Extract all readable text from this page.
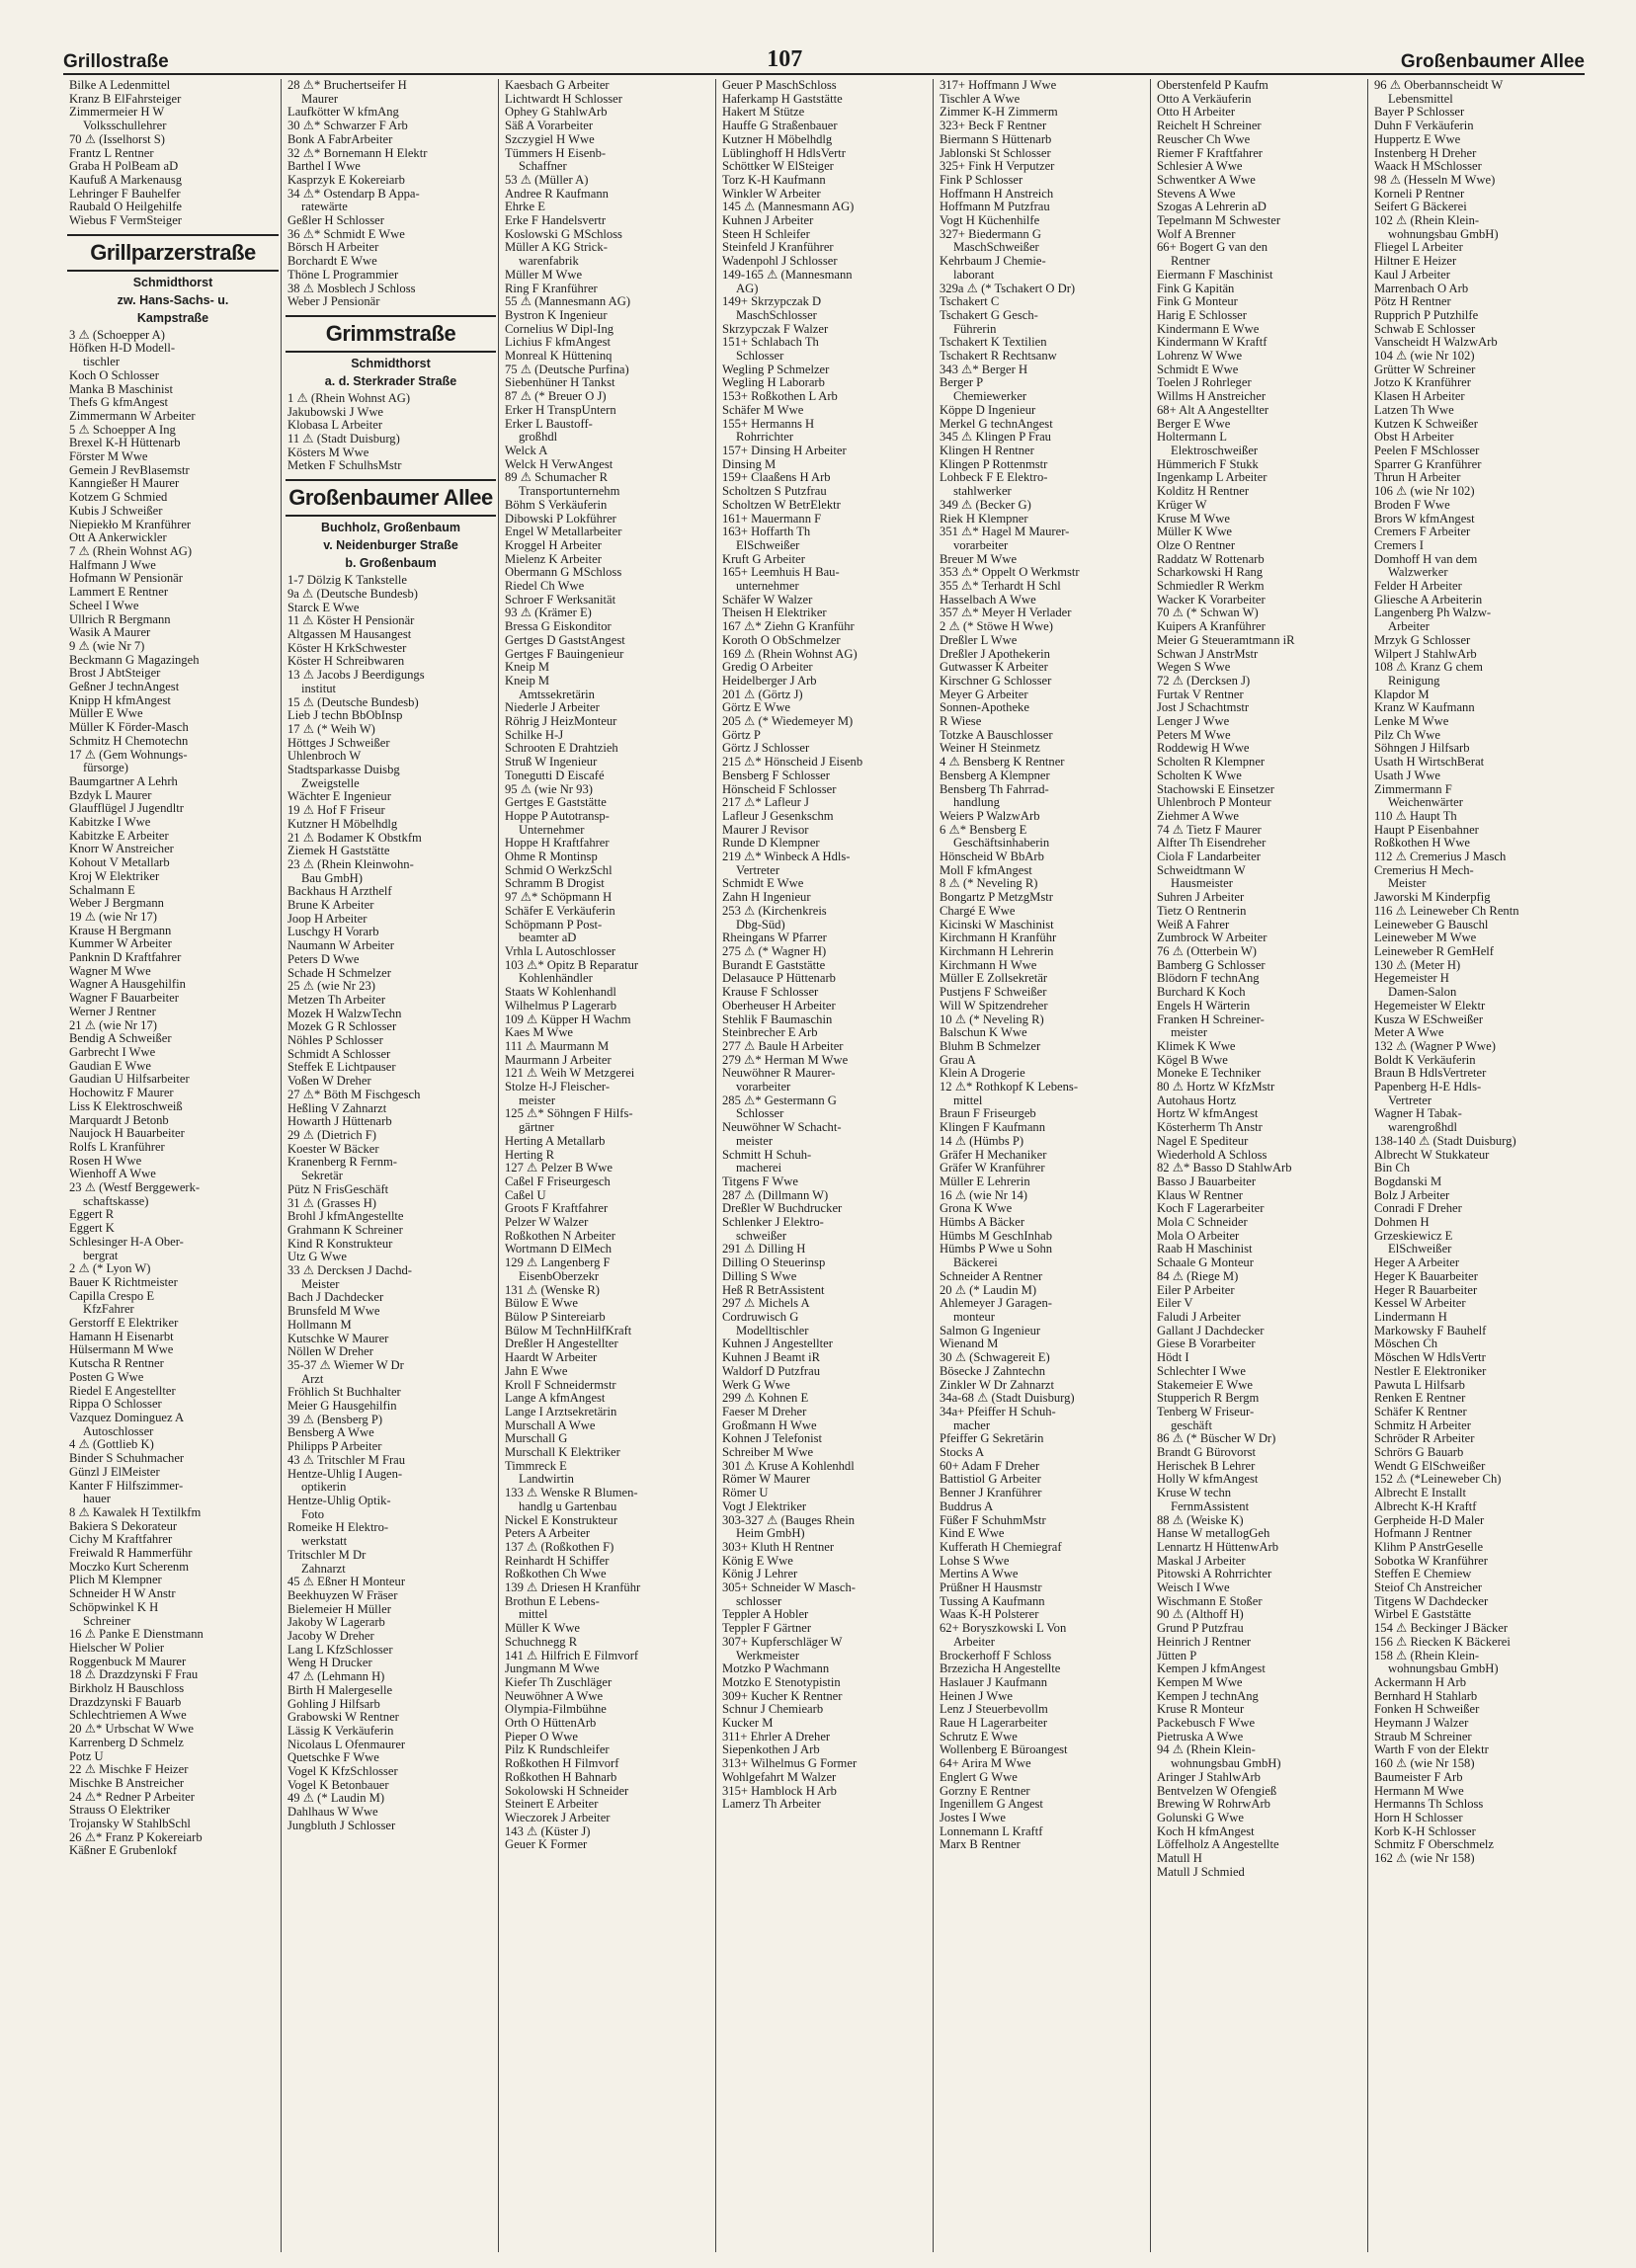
Grillostraße	107	Großenbaumer Allee
Bilke A Ledenmittel
Kranz B ElFahrsteiger
Zimmermeier H W
Volksschullehrer
70 ⚠ (Isselhorst S)
Frantz L Rentner
Graba H PolBeam aD
Kaufuß A Markenausg
Lehringer F Bauhelfer
Raubald O Heilgehilfe
Wiebus F VermSteiger
Grillparzerstraße
Schmidthorst
zw. Hans-Sachs- u.
Kampstraße
3 ⚠ (Schoepper A)
Höfken H-D Modell-
tischler
Koch O Schlosser
Manka B Maschinist
Thefs G kfmAngest
Zimmermann W Arbeiter
5 ⚠ Schoepper A Ing
Brexel K-H Hüttenarb
Förster M Wwe
Gemein J RevBlasemstr
Kanngießer H Maurer
Kotzem G Schmied
Kubis J Schweißer
Niepiekło M Kranführer
Ott A Ankerwickler
7 ⚠ (Rhein Wohnst AG)
Halfmann J Wwe
Hofmann W Pensionär
Lammert E Rentner
Scheel I Wwe
Ullrich R Bergmann
Wasik A Maurer
9 ⚠ (wie Nr 7)
Beckmann G Magazingeh
Brost J AbtSteiger
Geßner J technAngest
Knipp H kfmAngest
Müller E Wwe
Müller K Förder-Masch
Schmitz H Chemotechn
17 ⚠ (Gem Wohnungs-
fürsorge)
Baumgartner A Lehrh
Bzdyk L Maurer
Glaufflügel J Jugendltr
Kabitzke I Wwe
Kabitzke E Arbeiter
Knorr W Anstreicher
Kohout V Metallarb
Kroj W Elektriker
Schalmann E
Weber J Bergmann
19 ⚠ (wie Nr 17)
Krause H Bergmann
Kummer W Arbeiter
Panknin D Kraftfahrer
Wagner M Wwe
Wagner A Hausgehilfin
Wagner F Bauarbeiter
Werner J Rentner
21 ⚠ (wie Nr 17)
Bendig A Schweißer
Garbrecht I Wwe
Gaudian E Wwe
Gaudian U Hilfsarbeiter
Hochowitz F Maurer
Liss K Elektroschweiß
Marquardt J Betonb
Naujock H Bauarbeiter
Rolfs L Kranführer
Rosen H Wwe
Wienhoff A Wwe
23 ⚠ (Westf Berggewerk-
schaftskasse)
Eggert R
Eggert K
Schlesinger H-A Ober-
bergrat
2 ⚠ (* Lyon W)
Bauer K Richtmeister
Capilla Crespo E
KfzFahrer
Gerstorff E Elektriker
Hamann H Eisenarbt
Hülsermann M Wwe
Kutscha R Rentner
Posten G Wwe
Riedel E Angestellter
Rippa O Schlosser
Vazquez Dominguez A
Autoschlosser
4 ⚠ (Gottlieb K)
Binder S Schuhmacher
Günzl J ElMeister
Kanter F Hilfszimmer-
hauer
8 ⚠ Kawalek H Textilkfm
Bakiera S Dekorateur
Cichy M Kraftfahrer
Freiwald R Hammerführ
Moczko Kurt Scherenm
Plich M Klempner
Schneider H W Anstr
Schöpwinkel K H
Schreiner
16 ⚠ Panke E Dienstmann
Hielscher W Polier
Roggenbuck M Maurer
18 ⚠ Drazdzynski F Frau
Birkholz H Bauschloss
Drazdzynski F Bauarb
Schlechtriemen A Wwe
20 ⚠* Urbschat W Wwe
Karrenberg D Schmelz
Potz U
22 ⚠ Mischke F Heizer
Mischke B Anstreicher
24 ⚠* Redner P Arbeiter
Strauss O Elektriker
Trojansky W StahlbSchl
26 ⚠* Franz P Kokereiarb
Käßner E Grubenlokf
28 ⚠* Bruchertseifer H
Maurer
Laufkötter W kfmAng
30 ⚠* Schwarzer F Arb
Bonk A FabrArbeiter
32 ⚠* Bornemann H Elektr
Barthel I Wwe
Kasprzyk E Kokereiarb
34 ⚠* Ostendarp B Appa-
ratewärte
Geßler H Schlosser
36 ⚠* Schmidt E Wwe
Börsch H Arbeiter
Borchardt E Wwe
Thöne L Programmier
38 ⚠ Mosblech J Schloss
Weber J Pensionär
Grimmstraße
Schmidthorst
a. d. Sterkrader Straße
1 ⚠ (Rhein Wohnst AG)
Jakubowski J Wwe
Klobasa L Arbeiter
11 ⚠ (Stadt Duisburg)
Kösters M Wwe
Metken F SchulhsMstr
Großenbaumer Allee
Buchholz, Großenbaum
v. Neidenburger Straße
b. Großenbaum
1-7 Dölzig K Tankstelle
9a ⚠ (Deutsche Bundesb)
Starck E Wwe
11 ⚠ Köster H Pensionär
Altgassen M Hausangest
Köster H KrkSchwester
Köster H Schreibwaren
13 ⚠ Jacobs J Beerdigungs
institut
15 ⚠ (Deutsche Bundesb)
Lieb J techn BbObInsp
17 ⚠ (* Weih W)
Höttges J Schweißer
Uhlenbroch W
Stadtsparkasse Duisbg
Zweigstelle
Wächter E Ingenieur
19 ⚠ Hof F Friseur
Kutzner H Möbelhdlg
21 ⚠ Bodamer K Obstkfm
Ziemek H Gaststätte
23 ⚠ (Rhein Kleinwohn-
Bau GmbH)
Backhaus H Arzthelf
Brune K Arbeiter
Joop H Arbeiter
Luschgy H Vorarb
Naumann W Arbeiter
Peters D Wwe
Schade H Schmelzer
25 ⚠ (wie Nr 23)
Metzen Th Arbeiter
Mozek H WalzwTechn
Mozek G R Schlosser
Nöhles P Schlosser
Schmidt A Schlosser
Steffek E Lichtpauser
Voßen W Dreher
27 ⚠* Böth M Fischgesch
Heßling V Zahnarzt
Howarth J Hüttenarb
29 ⚠ (Dietrich F)
Koester W Bäcker
Kranenberg R Fernm-
Sekretär
Pütz N FrisGeschäft
31 ⚠ (Grasses H)
Brohl J kfmAngestellte
Grahmann K Schreiner
Kind R Konstrukteur
Utz G Wwe
33 ⚠ Dercksen J Dachd-
Meister
Bach J Dachdecker
Brunsfeld M Wwe
Hollmann M
Kutschke W Maurer
Nöllen W Dreher
35-37 ⚠ Wiemer W Dr
Arzt
Fröhlich St Buchhalter
Meier G Hausgehilfin
39 ⚠ (Bensberg P)
Bensberg A Wwe
Philipps P Arbeiter
43 ⚠ Tritschler M Frau
Hentze-Uhlig I Augen-
optikerin
Hentze-Uhlig Optik-
Foto
Romeike H Elektro-
werkstatt
Tritschler M Dr
Zahnarzt
45 ⚠ Eßner H Monteur
Beekhuyzen W Fräser
Bielemeier H Müller
Jakoby W Lagerarb
Jacoby W Dreher
Lang L KfzSchlosser
Weng H Drucker
47 ⚠ (Lehmann H)
Birth H Malergeselle
Gohling J Hilfsarb
Grabowski W Rentner
Lässig K Verkäuferin
Nicolaus L Ofenmaurer
Quetschke F Wwe
Vogel K KfzSchlosser
Vogel K Betonbauer
49 ⚠ (* Laudin M)
Dahlhaus W Wwe
Jungbluth J Schlosser
Kaesbach G Arbeiter
Lichtwardt H Schlosser
Ophey G StahlwArb
Säß A Vorarbeiter
Szczygiel H Wwe
Tümmers H Eisenb-
Schaffner
53 ⚠ (Müller A)
Andree R Kaufmann
Ehrke E
Erke F Handelsvertr
Koslowski G MSchloss
Müller A KG Strick-
warenfabrik
Müller M Wwe
Ring F Kranführer
55 ⚠ (Mannesmann AG)
Bystron K Ingenieur
Cornelius W Dipl-Ing
Lichius F kfmAngest
Monreal K Hütteninq
75 ⚠ (Deutsche Purfina)
Siebenhüner H Tankst
87 ⚠ (* Breuer O J)
Erker H TranspUntern
Erker L Baustoff-
großhdl
Welck A
Welck H VerwAngest
89 ⚠ Schumacher R
Transportunternehm
Böhm S Verkäuferin
Dibowski P Lokführer
Engel W Metallarbeiter
Kroggel H Arbeiter
Mielenz K Arbeiter
Obermann G MSchloss
Riedel Ch Wwe
Schroer F Werksanität
93 ⚠ (Krämer E)
Bressa G Eiskonditor
Gertges D GaststAngest
Gertges F Bauingenieur
Kneip M
Kneip M
Amtssekretärin
Niederle J Arbeiter
Röhrig J HeizMonteur
Schilke H-J
Schrooten E Drahtzieh
Struß W Ingenieur
Tonegutti D Eiscafé
95 ⚠ (wie Nr 93)
Gertges E Gaststätte
Hoppe P Autotransp-
Unternehmer
Hoppe H Kraftfahrer
Ohme R Montinsp
Schmid O WerkzSchl
Schramm B Drogist
97 ⚠* Schöpmann H
Schäfer E Verkäuferin
Schöpmann P Post-
beamter aD
Vrhla L Autoschlosser
103 ⚠* Opitz B Reparatur
Kohlenhändler
Staats W Kohlenhandl
Wilhelmus P Lagerarb
109 ⚠ Küpper H Wachm
Kaes M Wwe
111 ⚠ Maurmann M
Maurmann J Arbeiter
121 ⚠ Weih W Metzgerei
Stolze H-J Fleischer-
meister
125 ⚠* Söhngen F Hilfs-
gärtner
Herting A Metallarb
Herting R
127 ⚠ Pelzer B Wwe
Caßel F Friseurgesch
Caßel U
Groots F Kraftfahrer
Pelzer W Walzer
Roßkothen N Arbeiter
Wortmann D ElMech
129 ⚠ Langenberg F
EisenbOberzekr
131 ⚠ (Wenske R)
Bülow E Wwe
Bülow P Sintereiarb
Bülow M TechnHilfKraft
Dreßler H Angestellter
Haardt W Arbeiter
Jahn E Wwe
Kroll F Schneidermstr
Lange A kfmAngest
Lange I Arztsekretärin
Murschall A Wwe
Murschall G
Murschall K Elektriker
Timmreck E
Landwirtin
133 ⚠ Wenske R Blumen-
handlg u Gartenbau
Nickel E Konstrukteur
Peters A Arbeiter
137 ⚠ (Roßkothen F)
Reinhardt H Schiffer
Roßkothen Ch Wwe
139 ⚠ Driesen H Kranführ
Brothun E Lebens-
mittel
Müller K Wwe
Schuchnegg R
141 ⚠ Hilfrich E Filmvorf
Jungmann M Wwe
Kiefer Th Zuschläger
Neuwöhner A Wwe
Olympia-Filmbühne
Orth O HüttenArb
Pieper O Wwe
Pilz K Rundschleifer
Roßkothen H Filmvorf
Roßkothen H Bahnarb
Sokolowski H Schneider
Steinert E Arbeiter
Wieczorek J Arbeiter
143 ⚠ (Küster J)
Geuer K Former
Geuer P MaschSchloss
Haferkamp H Gaststätte
Hakert M Stütze
Hauffe G Straßenbauer
Kutzner H Möbelhdlg
Lüblinghoff H HdlsVertr
Schöttker W ElSteiger
Torz K-H Kaufmann
Winkler W Arbeiter
145 ⚠ (Mannesmann AG)
Kuhnen J Arbeiter
Steen H Schleifer
Steinfeld J Kranführer
Wadenpohl J Schlosser
149-165 ⚠ (Mannesmann
AG)
149+ Skrzypczak D
MaschSchlosser
Skrzypczak F Walzer
151+ Schlabach Th
Schlosser
Wegling P Schmelzer
Wegling H Laborarb
153+ Roßkothen L Arb
Schäfer M Wwe
155+ Hermanns H
Rohrrichter
157+ Dinsing H Arbeiter
Dinsing M
159+ Claaßens H Arb
Scholtzen S Putzfrau
Scholtzen W BetrElektr
161+ Mauermann F
163+ Hoffarth Th
ElSchweißer
Kruft G Arbeiter
165+ Leemhuis H Bau-
unternehmer
Schäfer W Walzer
Theisen H Elektriker
167 ⚠* Ziehn G Kranführ
Koroth O ObSchmelzer
169 ⚠ (Rhein Wohnst AG)
Gredig O Arbeiter
Heidelberger J Arb
201 ⚠ (Görtz J)
Görtz E Wwe
205 ⚠ (* Wiedemeyer M)
Görtz P
Görtz J Schlosser
215 ⚠* Hönscheid J Eisenb
Bensberg F Schlosser
Hönscheid F Schlosser
217 ⚠* Lafleur J
Lafleur J Gesenkschm
Maurer J Revisor
Runde D Klempner
219 ⚠* Winbeck A Hdls-
Vertreter
Schmidt E Wwe
Zahn H Ingenieur
253 ⚠ (Kirchenkreis
Dbg-Süd)
Rheingans W Pfarrer
275 ⚠ (* Wagner H)
Burandt E Gaststätte
Delasauce P Hüttenarb
Krause F Schlosser
Oberheuser H Arbeiter
Stehlik F Baumaschin
Steinbrecher E Arb
277 ⚠ Baule H Arbeiter
279 ⚠* Herman M Wwe
Neuwöhner R Maurer-
vorarbeiter
285 ⚠* Gestermann G
Schlosser
Neuwöhner W Schacht-
meister
Schmitt H Schuh-
macherei
Titgens F Wwe
287 ⚠ (Dillmann W)
Dreßler W Buchdrucker
Schlenker J Elektro-
schweißer
291 ⚠ Dilling H
Dilling O Steuerinsp
Dilling S Wwe
Heß R BetrAssistent
297 ⚠ Michels A
Cordruwisch G
Modelltischler
Kuhnen J Angestellter
Kuhnen J Beamt iR
Waldorf D Putzfrau
Werk G Wwe
299 ⚠ Kohnen E
Faeser M Dreher
Großmann H Wwe
Kohnen J Telefonist
Schreiber M Wwe
301 ⚠ Kruse A Kohlenhdl
Römer W Maurer
Römer U
Vogt J Elektriker
303-327 ⚠ (Bauges Rhein
Heim GmbH)
303+ Kluth H Rentner
König E Wwe
König J Lehrer
305+ Schneider W Masch-
schlosser
Teppler A Hobler
Teppler F Gärtner
307+ Kupferschläger W
Werkmeister
Motzko P Wachmann
Motzko E Stenotypistin
309+ Kucher K Rentner
Schnur J Chemiearb
Kucker M
311+ Ehrler A Dreher
Siepenkothen J Arb
313+ Wilhelmus G Former
Wohlgefahrt M Walzer
315+ Hamblock H Arb
Lamerz Th Arbeiter
317+ Hoffmann J Wwe
Tischler A Wwe
Zimmer K-H Zimmerm
323+ Beck F Rentner
Biermann S Hüttenarb
Jablonski St Schlosser
325+ Fink H Verputzer
Fink P Schlosser
Hoffmann H Anstreich
Hoffmann M Putzfrau
Vogt H Küchenhilfe
327+ Biedermann G
MaschSchweißer
Kehrbaum J Chemie-
laborant
329a ⚠ (* Tschakert O Dr)
Tschakert C
Tschakert G Gesch-
Führerin
Tschakert K Textilien
Tschakert R Rechtsanw
343 ⚠* Berger H
Berger P
Chemiewerker
Köppe D Ingenieur
Merkel G technAngest
345 ⚠ Klingen P Frau
Klingen H Rentner
Klingen P Rottenmstr
Lohbeck F E Elektro-
stahlwerker
349 ⚠ (Becker G)
Riek H Klempner
351 ⚠* Hagel M Maurer-
vorarbeiter
Breuer M Wwe
353 ⚠* Oppelt O Werkmstr
355 ⚠* Terhardt H Schl
Hasselbach A Wwe
357 ⚠* Meyer H Verlader
2 ⚠ (* Stöwe H Wwe)
Dreßler L Wwe
Dreßler J Apothekerin
Gutwasser K Arbeiter
Kirschner G Schlosser
Meyer G Arbeiter
Sonnen-Apotheke
R Wiese
Totzke A Bauschlosser
Weiner H Steinmetz
4 ⚠ Bensberg K Rentner
Bensberg A Klempner
Bensberg Th Fahrrad-
handlung
Weiers P WalzwArb
6 ⚠* Bensberg E
Geschäftsinhaberin
Hönscheid W BbArb
Moll F kfmAngest
8 ⚠ (* Neveling R)
Bongartz P MetzgMstr
Chargé E Wwe
Kicinski W Maschinist
Kirchmann H Kranführ
Kirchmann H Lehrerin
Kirchmann H Wwe
Müller E Zollsekretär
Pustjens F Schweißer
Will W Spitzendreher
10 ⚠ (* Neveling R)
Balschun K Wwe
Bluhm B Schmelzer
Grau A
Klein A Drogerie
12 ⚠* Rothkopf K Lebens-
mittel
Braun F Friseurgeb
Klingen F Kaufmann
14 ⚠ (Hümbs P)
Gräfer H Mechaniker
Gräfer W Kranführer
Müller E Lehrerin
16 ⚠ (wie Nr 14)
Grona K Wwe
Hümbs A Bäcker
Hümbs M GeschInhab
Hümbs P Wwe u Sohn
Bäckerei
Schneider A Rentner
20 ⚠ (* Laudin M)
Ahlemeyer J Garagen-
monteur
Salmon G Ingenieur
Wienand M
30 ⚠ (Schwagereit E)
Bösecke J Zahntechn
Zinkler W Dr Zahnarzt
34a-68 ⚠ (Stadt Duisburg)
34a+ Pfeiffer H Schuh-
macher
Pfeiffer G Sekretärin
Stocks A
60+ Adam F Dreher
Battistiol G Arbeiter
Benner J Kranführer
Buddrus A
Füßer F SchuhmMstr
Kind E Wwe
Kufferath H Chemiegraf
Lohse S Wwe
Mertins A Wwe
Prüßner H Hausmstr
Tussing A Kaufmann
Waas K-H Polsterer
62+ Boryszkowski L Von
Arbeiter
Brockerhoff F Schloss
Brzezicha H Angestellte
Haslauer J Kaufmann
Heinen J Wwe
Lenz J Steuerbevollm
Raue H Lagerarbeiter
Schrutz E Wwe
Wollenberg E Büroangest
64+ Arira M Wwe
Englert G Wwe
Gorzny E Rentner
Ingenillem G Angest
Jostes I Wwe
Lonnemann L Kraftf
Marx B Rentner
Oberstenfeld P Kaufm
Otto A Verkäuferin
Otto H Arbeiter
Reichelt H Schreiner
Reuscher Ch Wwe
Riemer F Kraftfahrer
Schlesier A Wwe
Schwentker A Wwe
Stevens A Wwe
Szogas A Lehrerin aD
Tepelmann M Schwester
Wolf A Brenner
66+ Bogert G van den
Rentner
Eiermann F Maschinist
Fink G Kapitän
Fink G Monteur
Harig E Schlosser
Kindermann E Wwe
Kindermann W Kraftf
Lohrenz W Wwe
Schmidt E Wwe
Toelen J Rohrleger
Willms H Anstreicher
68+ Alt A Angestellter
Berger E Wwe
Holtermann L
Elektroschweißer
Hümmerich F Stukk
Ingenkamp L Arbeiter
Kolditz H Rentner
Krüger W
Kruse M Wwe
Müller K Wwe
Olze O Rentner
Raddatz W Rottenarb
Scharkowski H Rang
Schmiedler R Werkm
Wacker K Vorarbeiter
70 ⚠ (* Schwan W)
Kuipers A Kranführer
Meier G Steueramtmann iR
Schwan J AnstrMstr
Wegen S Wwe
72 ⚠ (Dercksen J)
Furtak V Rentner
Jost J Schachtmstr
Lenger J Wwe
Peters M Wwe
Roddewig H Wwe
Scholten R Klempner
Scholten K Wwe
Stachowski E Einsetzer
Uhlenbroch P Monteur
Ziehmer A Wwe
74 ⚠ Tietz F Maurer
Alfter Th Eisendreher
Ciola F Landarbeiter
Schweidtmann W
Hausmeister
Suhren J Arbeiter
Tietz O Rentnerin
Weiß A Fahrer
Zumbrock W Arbeiter
76 ⚠ (Otterbein W)
Bamberg G Schlosser
Blödorn F technAng
Burchard K Koch
Engels H Wärterin
Franken H Schreiner-
meister
Klimek K Wwe
Kögel B Wwe
Moneke E Techniker
80 ⚠ Hortz W KfzMstr
Autohaus Hortz
Hortz W kfmAngest
Kösterherm Th Anstr
Nagel E Spediteur
Wiederhold A Schloss
82 ⚠* Basso D StahlwArb
Basso J Bauarbeiter
Klaus W Rentner
Koch F Lagerarbeiter
Mola C Schneider
Mola O Arbeiter
Raab H Maschinist
Schaale G Monteur
84 ⚠ (Riege M)
Eiler P Arbeiter
Eiler V
Faludi J Arbeiter
Gallant J Dachdecker
Giese B Vorarbeiter
Hödt I
Schlechter I Wwe
Stakemeier E Wwe
Stupperich R Bergm
Tenberg W Friseur-
geschäft
86 ⚠ (* Büscher W Dr)
Brandt G Bürovorst
Herischek B Lehrer
Holly W kfmAngest
Kruse W techn
FernmAssistent
88 ⚠ (Weiske K)
Hanse W metallogGeh
Lennartz H HüttenwArb
Maskal J Arbeiter
Pitowski A Rohrrichter
Weisch I Wwe
Wischmann E Stoßer
90 ⚠ (Althoff H)
Grund P Putzfrau
Heinrich J Rentner
Jütten P
Kempen J kfmAngest
Kempen M Wwe
Kempen J technAng
Kruse R Monteur
Packebusch F Wwe
Pietruska A Wwe
94 ⚠ (Rhein Klein-
wohnungsbau GmbH)
Aringer J StahlwArb
Bentvelzen W Ofengieß
Brewing W RohrwArb
Golunski G Wwe
Koch H kfmAngest
Löffelholz A Angestellte
Matull H
Matull J Schmied
96 ⚠ Oberbannscheidt W
Lebensmittel
Bayer P Schlosser
Duhn F Verkäuferin
Huppertz E Wwe
Instenberg H Dreher
Waack H MSchlosser
98 ⚠ (Hesseln M Wwe)
Korneli P Rentner
Seifert G Bäckerei
102 ⚠ (Rhein Klein-
wohnungsbau GmbH)
Fliegel L Arbeiter
Hiltner E Heizer
Kaul J Arbeiter
Marrenbach O Arb
Pötz H Rentner
Rupprich P Putzhilfe
Schwab E Schlosser
Vanscheidt H WalzwArb
104 ⚠ (wie Nr 102)
Grütter W Schreiner
Jotzo K Kranführer
Klasen H Arbeiter
Latzen Th Wwe
Kutzen K Schweißer
Obst H Arbeiter
Peelen F MSchlosser
Sparrer G Kranführer
Thrun H Arbeiter
106 ⚠ (wie Nr 102)
Broden F Wwe
Brors W kfmAngest
Cremers F Arbeiter
Cremers I
Domhoff H van dem
Walzwerker
Felder H Arbeiter
Gliesche A Arbeiterin
Langenberg Ph Walzw-
Arbeiter
Mrzyk G Schlosser
Wilpert J StahlwArb
108 ⚠ Kranz G chem
Reinigung
Klapdor M
Kranz W Kaufmann
Lenke M Wwe
Pilz Ch Wwe
Söhngen J Hilfsarb
Usath H WirtschBerat
Usath J Wwe
Zimmermann F
Weichenwärter
110 ⚠ Haupt Th
Haupt P Eisenbahner
Roßkothen H Wwe
112 ⚠ Cremerius J Masch
Cremerius H Mech-
Meister
Jaworski M Kinderpfig
116 ⚠ Leineweber Ch Rentn
Leineweber G Bauschl
Leineweber M Wwe
Leineweber R GemHelf
130 ⚠ (Meter H)
Hegemeister H
Damen-Salon
Hegemeister W Elektr
Kusza W ESchweißer
Meter A Wwe
132 ⚠ (Wagner P Wwe)
Boldt K Verkäuferin
Braun B HdlsVertreter
Papenberg H-E Hdls-
Vertreter
Wagner H Tabak-
warengroßhdl
138-140 ⚠ (Stadt Duisburg)
Albrecht W Stukkateur
Bin Ch
Bogdanski M
Bolz J Arbeiter
Conradi F Dreher
Dohmen H
Grzeskiewicz E
ElSchweißer
Heger A Arbeiter
Heger K Bauarbeiter
Heger R Bauarbeiter
Kessel W Arbeiter
Lindermann H
Markowsky F Bauhelf
Möschen Ch
Möschen W HdlsVertr
Nestler E Elektroniker
Pawuta L Hilfsarb
Renken E Rentner
Schäfer K Rentner
Schmitz H Arbeiter
Schröder R Arbeiter
Schrörs G Bauarb
Wendt G ElSchweißer
152 ⚠ (*Leineweber Ch)
Albrecht E Installt
Albrecht K-H Kraftf
Gerpheide H-D Maler
Hofmann J Rentner
Klihm P AnstrGeselle
Sobotka W Kranführer
Steffen E Chemiew
Steiof Ch Anstreicher
Titgens W Dachdecker
Wirbel E Gaststätte
154 ⚠ Beckinger J Bäcker
156 ⚠ Riecken K Bäckerei
158 ⚠ (Rhein Klein-
wohnungsbau GmbH)
Ackermann H Arb
Bernhard H Stahlarb
Fonken H Schweißer
Heymann J Walzer
Straub M Schreiner
Warth F von der Elektr
160 ⚠ (wie Nr 158)
Baumeister F Arb
Hermann M Wwe
Hermanns Th Schloss
Horn H Schlosser
Korb K-H Schlosser
Schmitz F Oberschmelz
162 ⚠ (wie Nr 158)
